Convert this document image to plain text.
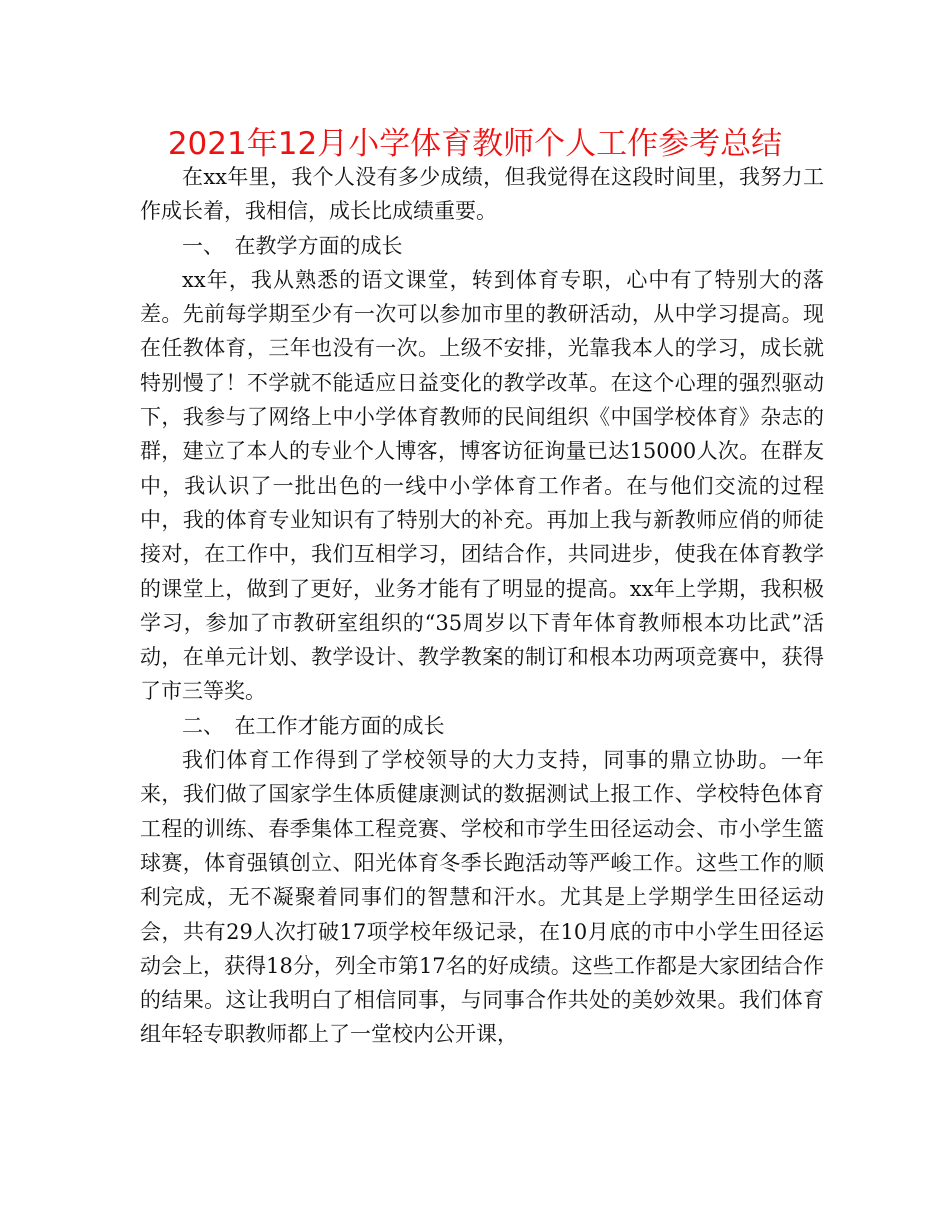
2021年12月小学体育教师个人工作参考总结

在xx年里，我个人没有多少成绩，但我觉得在这段时间里，我努力工作成长着，我相信，成长比成绩重要。

一、　在教学方面的成长

xx年，我从熟悉的语文课堂，转到体育专职，心中有了特别大的落差。先前每学期至少有一次可以参加市里的教研活动，从中学习提高。现在任教体育，三年也没有一次。上级不安排，光靠我本人的学习，成长就特别慢了！不学就不能适应日益变化的教学改革。在这个心理的强烈驱动下，我参与了网络上中小学体育教师的民间组织《中国学校体育》杂志的群，建立了本人的专业个人博客，博客访征询量已达15000人次。在群友中，我认识了一批出色的一线中小学体育工作者。在与他们交流的过程中，我的体育专业知识有了特别大的补充。再加上我与新教师应俏的师徒接对，在工作中，我们互相学习，团结合作，共同进步，使我在体育教学的课堂上，做到了更好，业务才能有了明显的提高。xx年上学期，我积极学习，参加了市教研室组织的“35周岁以下青年体育教师根本功比武”活动，在单元计划、教学设计、教学教案的制订和根本功两项竞赛中，获得了市三等奖。

二、　在工作才能方面的成长

我们体育工作得到了学校领导的大力支持，同事的鼎立协助。一年来，我们做了国家学生体质健康测试的数据测试上报工作、学校特色体育工程的训练、春季集体工程竞赛、学校和市学生田径运动会、市小学生篮球赛，体育强镇创立、阳光体育冬季长跑活动等严峻工作。这些工作的顺利完成，无不凝聚着同事们的智慧和汗水。尤其是上学期学生田径运动会，共有29人次打破17项学校年级记录，在10月底的市中小学生田径运动会上，获得18分，列全市第17名的好成绩。这些工作都是大家团结合作的结果。这让我明白了相信同事，与同事合作共处的美妙效果。我们体育组年轻专职教师都上了一堂校内公开课，
